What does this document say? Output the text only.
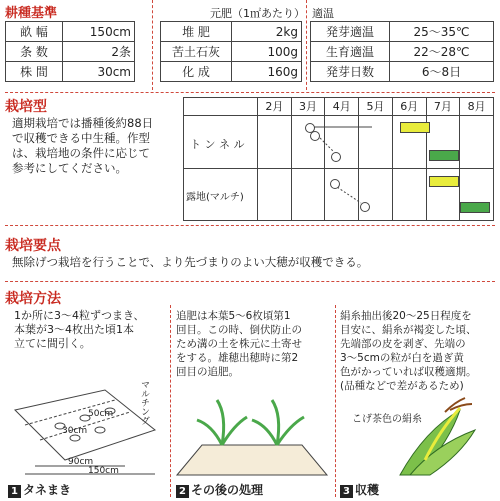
耕種基準
畝 幅	150cm
条 数	2条
株 間	30cm
元肥（1㎡あたり）
堆 肥	2kg
苦土石灰	100g
化 成	160g
適温
発芽適温	25～35℃
生育適温	22～28℃
発芽日数	6～8日
栽培型
適期栽培では播種後約88日
で収穫できる中生種。作型
は、栽培地の条件に応じて
参考にしてください。
2月	3月	4月	5月	6月	7月	8月
ト ン ネ ル
露地(マルチ)
栽培要点
無除げつ栽培を行うことで、より先づまりのよい大穂が収穫できる。
栽培方法
1か所に3～4粒ずつまき、
本葉が3～4枚出た頃1本
立てに間引く。
50cm
30cm
90cm
150cm
マルチング
1 タネまき
追肥は本葉5～6枚頃第1
回目。この時、倒伏防止の
ため溝の土を株元に土寄せ
をする。雄穂出穂時に第2
回目の追肥。
2 その後の処理
絹糸抽出後20～25日程度を
目安に、絹糸が褐変した頃、
先端部の皮を剥ぎ、先端の
3～5cmの粒が白を過ぎ黄
色がかっていれば収穫適期。
(品種などで差があるため)
こげ茶色の絹糸
3 収穫
